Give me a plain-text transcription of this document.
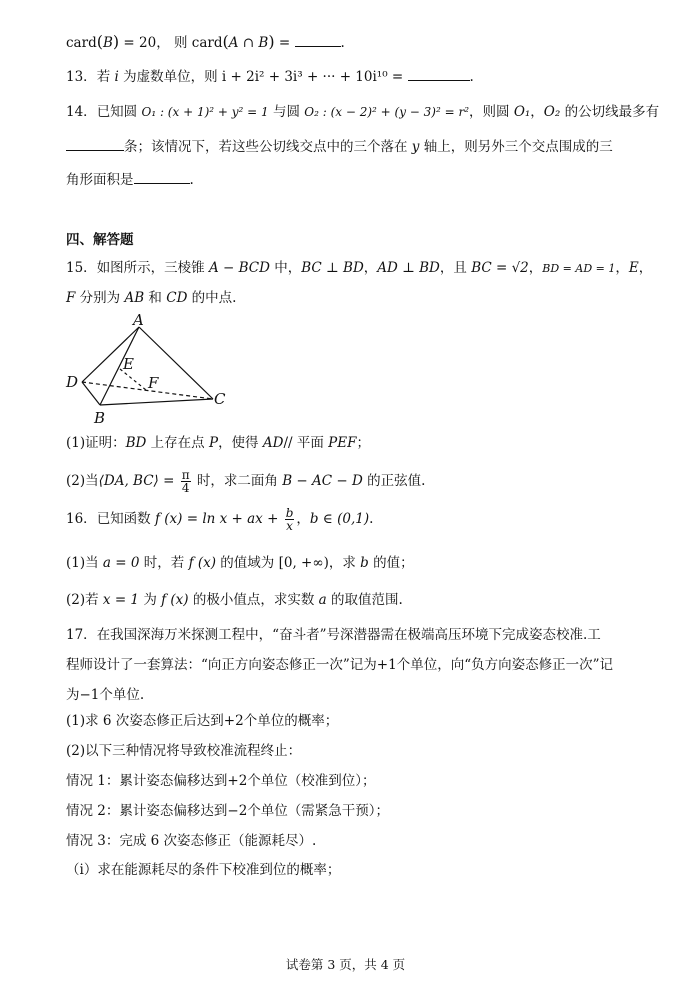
card(B) = 20， 则 card(A ∩ B) =	.
13．若 i 为虚数单位，则 i + 2i² + 3i³ + ··· + 10i¹⁰ =	.
14．已知圆 O₁ : (x + 1)² + y² = 1 与圆 O₂ : (x − 2)² + (y − 3)² = r²，则圆 O₁，O₂ 的公切线最多有
条；该情况下，若这些公切线交点中的三个落在 y 轴上，则另外三个交点围成的三
角形面积是	.
四、解答题
15．如图所示，三棱锥 A − BCD 中，BC ⊥ BD，AD ⊥ BD，且 BC = √2，BD = AD = 1，E，
F 分别为 AB 和 CD 的中点.
A
D
E
F
B
C
(1)证明：BD 上存在点 P，使得 AD// 平面 PEF；
(2)当⟨DA, BC⟩ = $\frac{\pi}{4}$ 时，求二面角 B − AC − D 的正弦值.
16．已知函数 f (x) = ln x + ax + $\frac{b}{x}$ ，b ∈ (0,1).
(1)当 a = 0 时，若 f (x) 的值域为 [0, +∞)，求 b 的值；
(2)若 x = 1 为 f (x) 的极小值点，求实数 a 的取值范围.
17．在我国深海万米探测工程中，“奋斗者”号深潜器需在极端高压环境下完成姿态校准.工
程师设计了一套算法：“向正方向姿态修正一次”记为+1个单位，向“负方向姿态修正一次”记
为−1个单位.
(1)求 6 次姿态修正后达到+2个单位的概率；
(2)以下三种情况将导致校准流程终止：
情况 1：累计姿态偏移达到+2个单位（校准到位）；
情况 2：累计姿态偏移达到−2个单位（需紧急干预）；
情况 3：完成 6 次姿态修正（能源耗尽）.
（i）求在能源耗尽的条件下校准到位的概率；
试卷第 3 页，共 4 页
